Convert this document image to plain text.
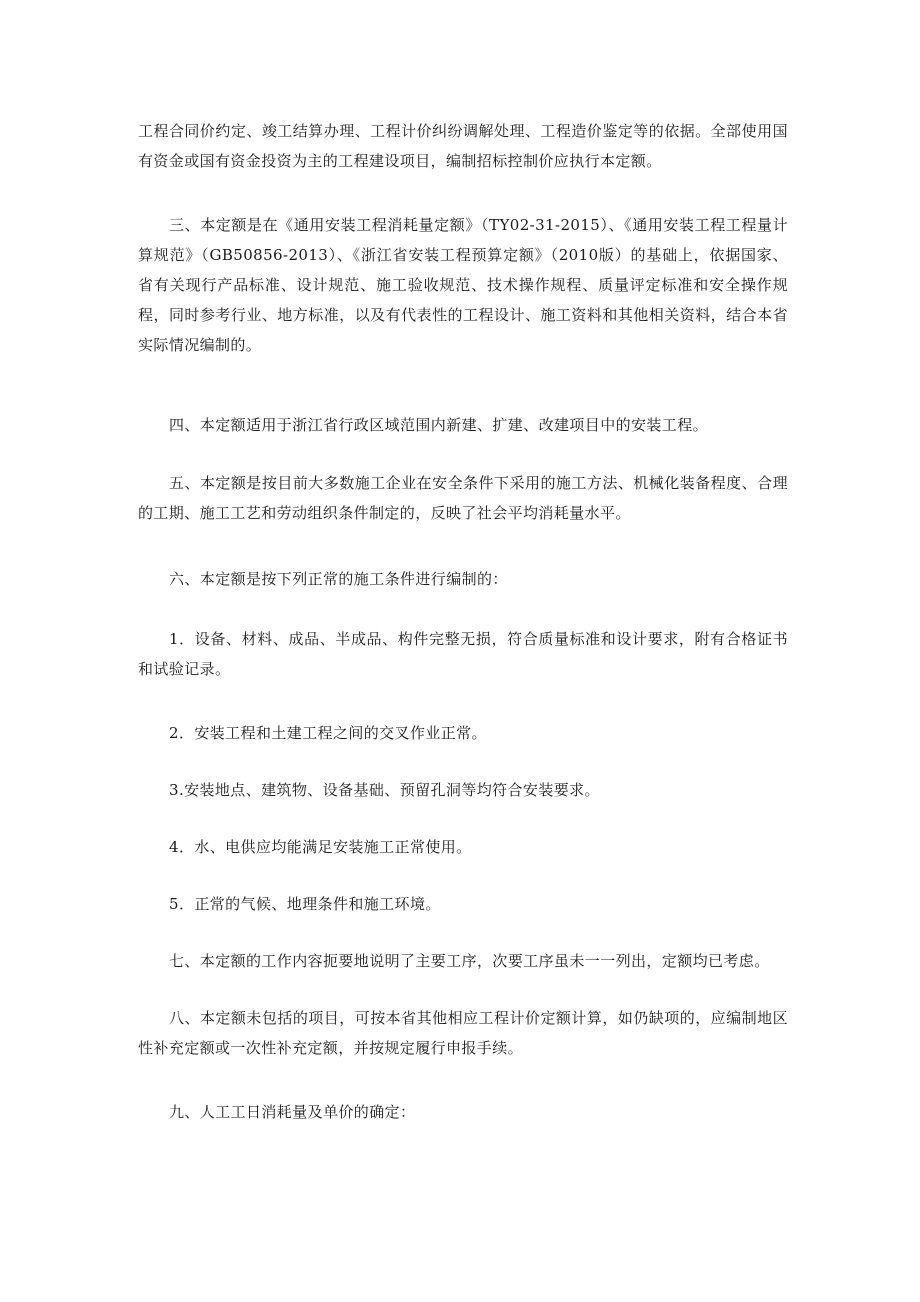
工程合同价约定、竣工结算办理、工程计价纠纷调解处理、工程造价鉴定等的依据。全部使用国有资金或国有资金投资为主的工程建设项目，编制招标控制价应执行本定额。

三、本定额是在《通用安装工程消耗量定额》（TY02-31-2015）、《通用安装工程工程量计算规范》（GB50856-2013）、《浙江省安装工程预算定额》（2010版）的基础上，依据国家、省有关现行产品标准、设计规范、施工验收规范、技术操作规程、质量评定标准和安全操作规程，同时参考行业、地方标准，以及有代表性的工程设计、施工资料和其他相关资料，结合本省实际情况编制的。

四、本定额适用于浙江省行政区域范围内新建、扩建、改建项目中的安装工程。

五、本定额是按目前大多数施工企业在安全条件下采用的施工方法、机械化装备程度、合理的工期、施工工艺和劳动组织条件制定的，反映了社会平均消耗量水平。

六、本定额是按下列正常的施工条件进行编制的：

1．设备、材料、成品、半成品、构件完整无损，符合质量标准和设计要求，附有合格证书和试验记录。

2．安装工程和土建工程之间的交叉作业正常。

3.安装地点、建筑物、设备基础、预留孔洞等均符合安装要求。

4．水、电供应均能满足安装施工正常使用。

5．正常的气候、地理条件和施工环境。

七、本定额的工作内容扼要地说明了主要工序，次要工序虽未一一列出，定额均已考虑。

八、本定额未包括的项目，可按本省其他相应工程计价定额计算，如仍缺项的，应编制地区性补充定额或一次性补充定额，并按规定履行申报手续。

九、人工工日消耗量及单价的确定：
